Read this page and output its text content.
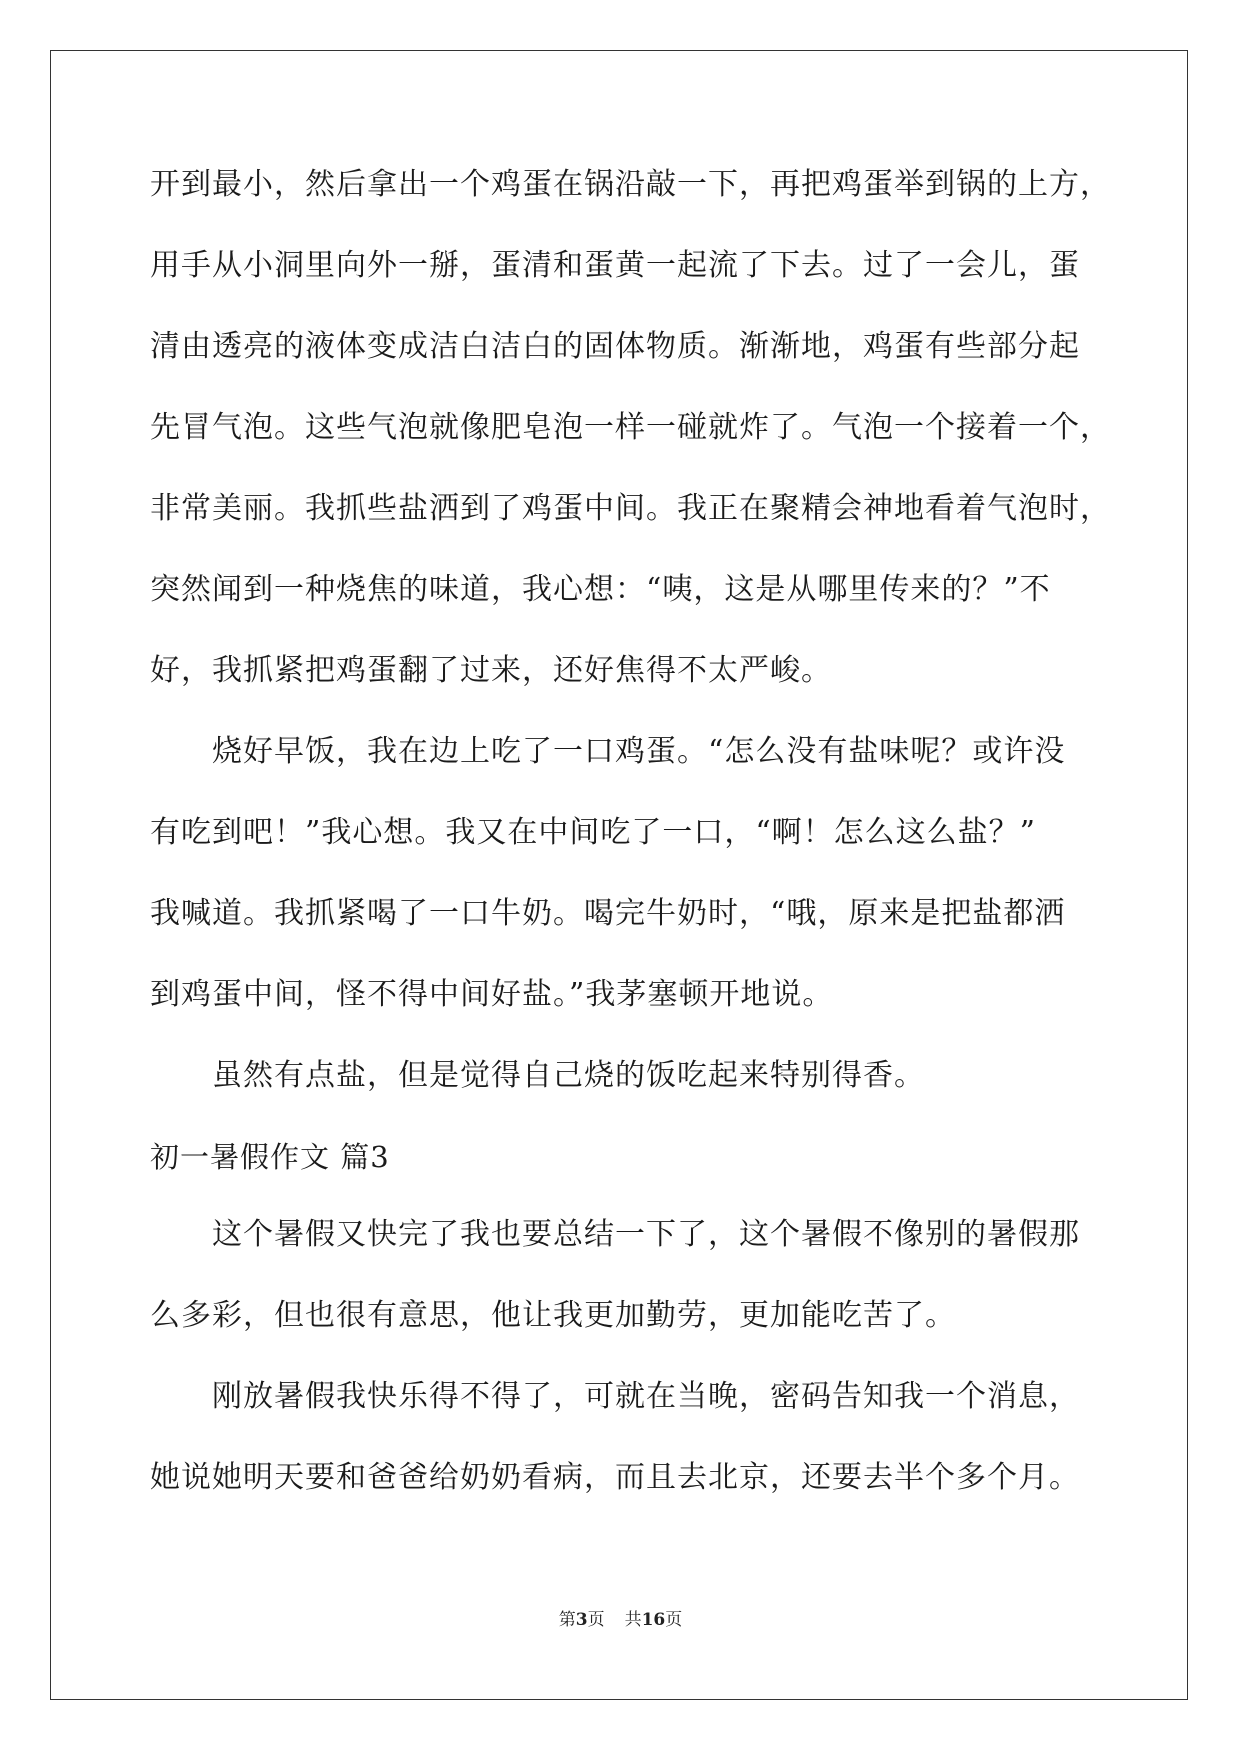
开到最小，然后拿出一个鸡蛋在锅沿敲一下，再把鸡蛋举到锅的上方，
用手从小洞里向外一掰，蛋清和蛋黄一起流了下去。过了一会儿，蛋
清由透亮的液体变成洁白洁白的固体物质。渐渐地，鸡蛋有些部分起
先冒气泡。这些气泡就像肥皂泡一样一碰就炸了。气泡一个接着一个，
非常美丽。我抓些盐洒到了鸡蛋中间。我正在聚精会神地看着气泡时，
突然闻到一种烧焦的味道，我心想：“咦，这是从哪里传来的？”不
好，我抓紧把鸡蛋翻了过来，还好焦得不太严峻。
烧好早饭，我在边上吃了一口鸡蛋。“怎么没有盐味呢？或许没
有吃到吧！”我心想。我又在中间吃了一口，“啊！怎么这么盐？”
我喊道。我抓紧喝了一口牛奶。喝完牛奶时，“哦，原来是把盐都洒
到鸡蛋中间，怪不得中间好盐。”我茅塞顿开地说。
虽然有点盐，但是觉得自己烧的饭吃起来特别得香。
初一暑假作文 篇3
这个暑假又快完了我也要总结一下了，这个暑假不像别的暑假那
么多彩，但也很有意思，他让我更加勤劳，更加能吃苦了。
刚放暑假我快乐得不得了，可就在当晚，密码告知我一个消息，
她说她明天要和爸爸给奶奶看病，而且去北京，还要去半个多个月。
第3页 共16页
